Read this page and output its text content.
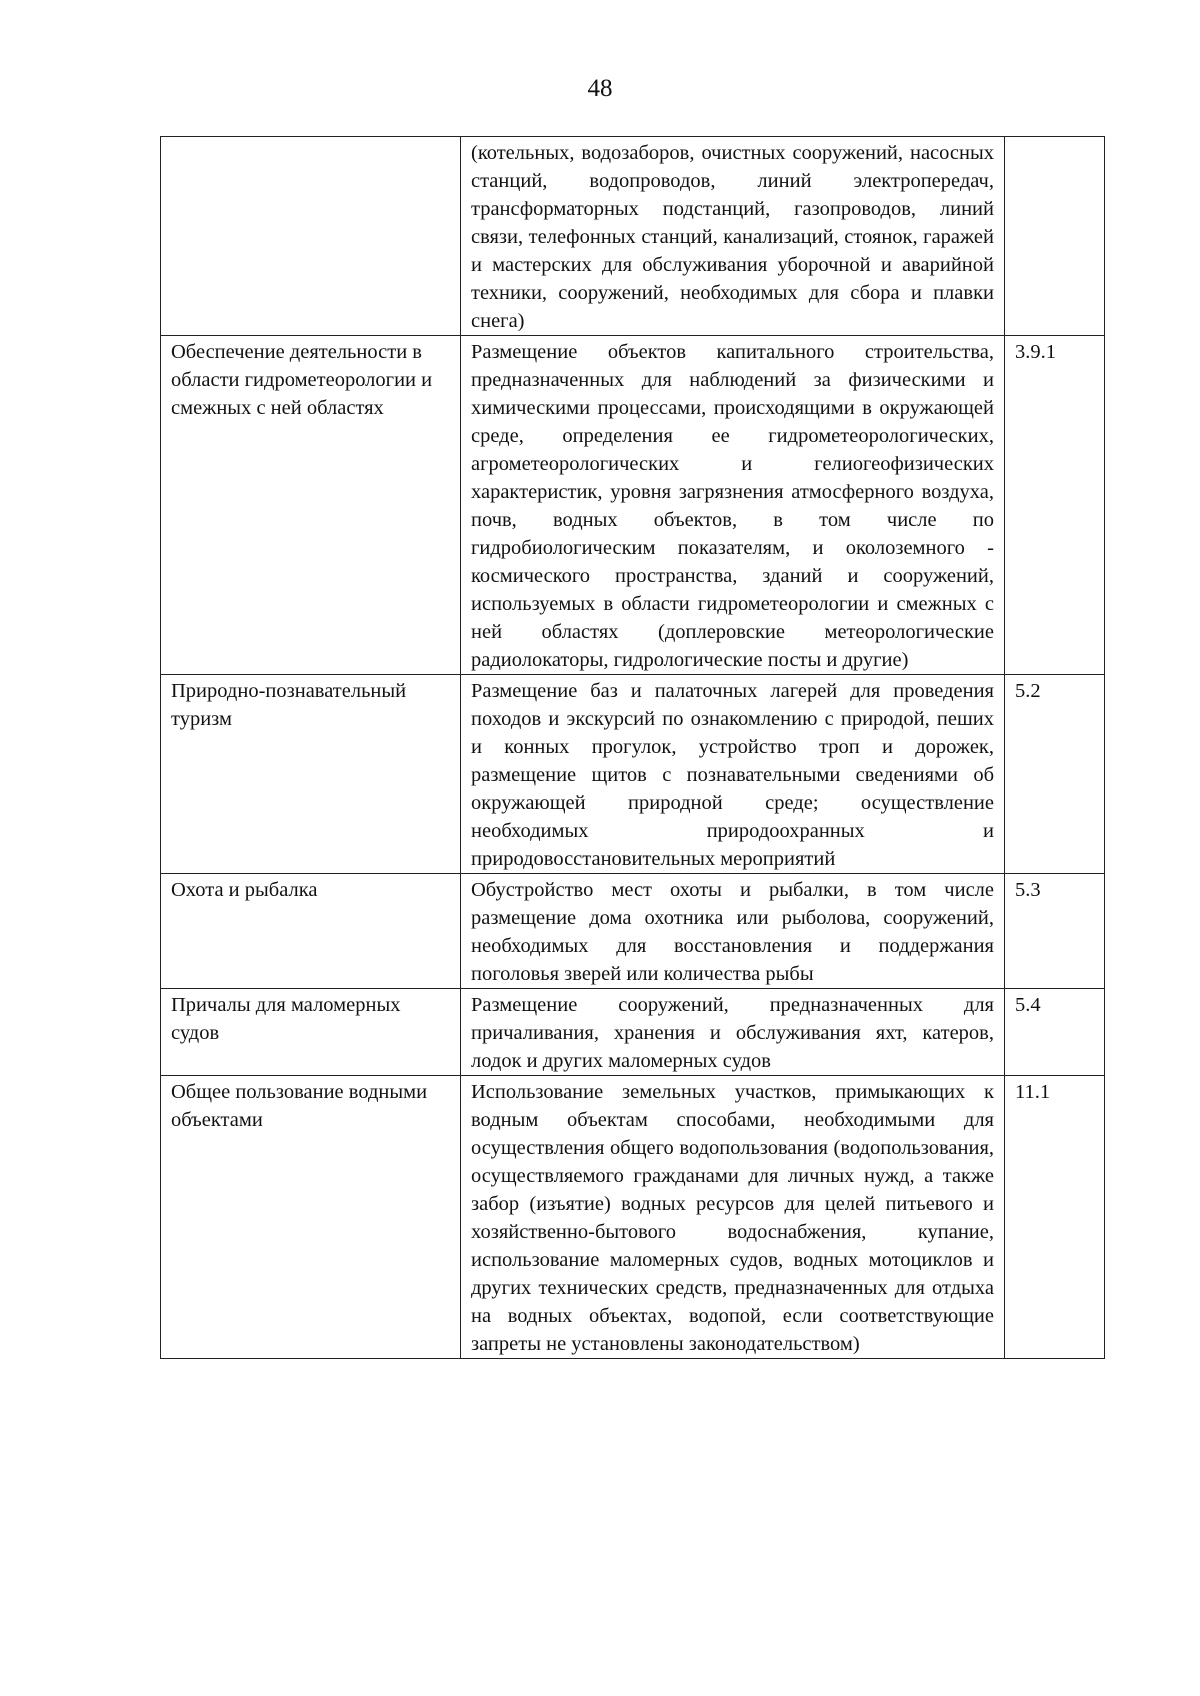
48
	(котельных, водозаборов, очистных сооружений, насосных станций, водопроводов, линий электропередач, трансформаторных подстанций, газопроводов, линий связи, телефонных станций, канализаций, стоянок, гаражей и мастерских для обслуживания уборочной и аварийной техники, сооружений, необходимых для сбора и плавки снега)	
Обеспечение деятельности в области гидрометеорологии и смежных с ней областях	Размещение объектов капитального строительства, предназначенных для наблюдений за физическими и химическими процессами, происходящими в окружающей среде, определения ее гидрометеорологических, агрометеорологических и гелиогеофизических характеристик, уровня загрязнения атмосферного воздуха, почв, водных объектов, в том числе по гидробиологическим показателям, и околоземного - космического пространства, зданий и сооружений, используемых в области гидрометеорологии и смежных с ней областях (доплеровские метеорологические радиолокаторы, гидрологические посты и другие)	3.9.1
Природно-познавательный туризм	Размещение баз и палаточных лагерей для проведения походов и экскурсий по ознакомлению с природой, пеших и конных прогулок, устройство троп и дорожек, размещение щитов с познавательными сведениями об окружающей природной среде; осуществление необходимых природоохранных и природовосстановительных мероприятий	5.2
Охота и рыбалка	Обустройство мест охоты и рыбалки, в том числе размещение дома охотника или рыболова, сооружений, необходимых для восстановления и поддержания поголовья зверей или количества рыбы	5.3
Причалы для маломерных судов	Размещение сооружений, предназначенных для причаливания, хранения и обслуживания яхт, катеров, лодок и других маломерных судов	5.4
Общее пользование водными объектами	Использование земельных участков, примыкающих к водным объектам способами, необходимыми для осуществления общего водопользования (водопользования, осуществляемого гражданами для личных нужд, а также забор (изъятие) водных ресурсов для целей питьевого и хозяйственно-бытового водоснабжения, купание, использование маломерных судов, водных мотоциклов и других технических средств, предназначенных для отдыха на водных объектах, водопой, если соответствующие запреты не установлены законодательством)	11.1
